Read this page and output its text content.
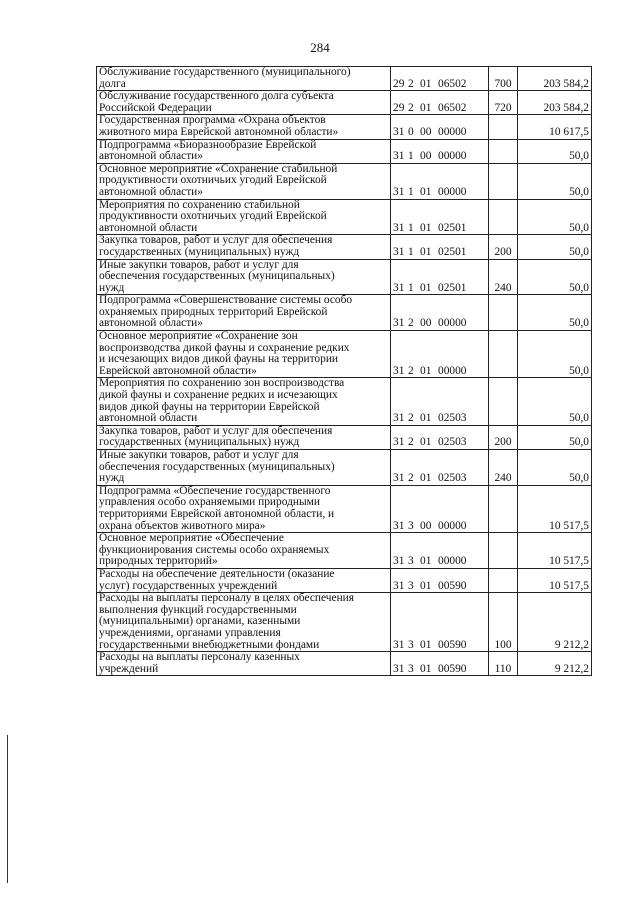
284
Обслуживание государственного (муниципального)
долга	29 2 01 06502	700	203 584,2
Обслуживание государственного долга субъекта
Российской Федерации	29 2 01 06502	720	203 584,2
Государственная программа «Охрана объектов
животного мира Еврейской автономной области»	31 0 00 00000		10 617,5
Подпрограмма «Биоразнообразие Еврейской
автономной области»	31 1 00 00000		50,0
Основное мероприятие «Сохранение стабильной
продуктивности охотничьих угодий Еврейской
автономной области»	31 1 01 00000		50,0
Мероприятия по сохранению стабильной
продуктивности охотничьих угодий Еврейской
автономной области	31 1 01 02501		50,0
Закупка товаров, работ и услуг для обеспечения
государственных (муниципальных) нужд	31 1 01 02501	200	50,0
Иные закупки товаров, работ и услуг для
обеспечения государственных (муниципальных)
нужд	31 1 01 02501	240	50,0
Подпрограмма «Совершенствование системы особо
охраняемых природных территорий Еврейской
автономной области»	31 2 00 00000		50,0
Основное мероприятие «Сохранение зон
воспроизводства дикой фауны и сохранение редких
и исчезающих видов дикой фауны на территории
Еврейской автономной области»	31 2 01 00000		50,0
Мероприятия по сохранению зон воспроизводства
дикой фауны и сохранение редких и исчезающих
видов дикой фауны на территории Еврейской
автономной области	31 2 01 02503		50,0
Закупка товаров, работ и услуг для обеспечения
государственных (муниципальных) нужд	31 2 01 02503	200	50,0
Иные закупки товаров, работ и услуг для
обеспечения государственных (муниципальных)
нужд	31 2 01 02503	240	50,0
Подпрограмма «Обеспечение государственного
управления особо охраняемыми природными
территориями Еврейской автономной области, и
охрана объектов животного мира»	31 3 00 00000		10 517,5
Основное мероприятие «Обеспечение
функционирования системы особо охраняемых
природных территорий»	31 3 01 00000		10 517,5
Расходы на обеспечение деятельности (оказание
услуг) государственных учреждений	31 3 01 00590		10 517,5
Расходы на выплаты персоналу в целях обеспечения
выполнения функций государственными
(муниципальными) органами, казенными
учреждениями, органами управления
государственными внебюджетными фондами	31 3 01 00590	100	9 212,2
Расходы на выплаты персоналу казенных
учреждений	31 3 01 00590	110	9 212,2
